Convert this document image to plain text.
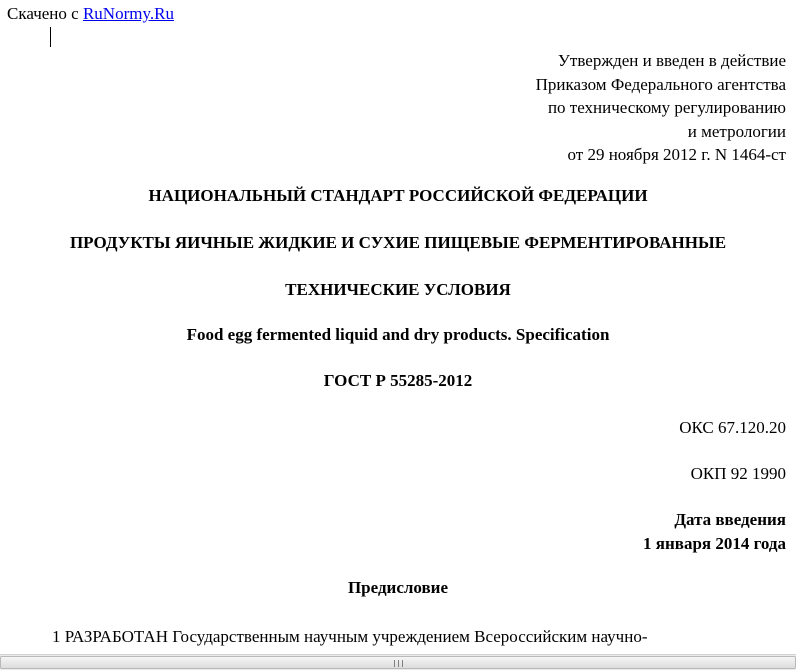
Скачено с RuNormy.Ru
Утвержден и введен в действие
Приказом Федерального агентства
по техническому регулированию
и метрологии
от 29 ноября 2012 г. N 1464-ст
НАЦИОНАЛЬНЫЙ СТАНДАРТ РОССИЙСКОЙ ФЕДЕРАЦИИ
ПРОДУКТЫ ЯИЧНЫЕ ЖИДКИЕ И СУХИЕ ПИЩЕВЫЕ ФЕРМЕНТИРОВАННЫЕ
ТЕХНИЧЕСКИЕ УСЛОВИЯ
Food egg fermented liquid and dry products. Specification
ГОСТ Р 55285-2012
ОКС 67.120.20
ОКП 92 1990
Дата введения
1 января 2014 года
Предисловие
1 РАЗРАБОТАН Государственным научным учреждением Всероссийским научно-
